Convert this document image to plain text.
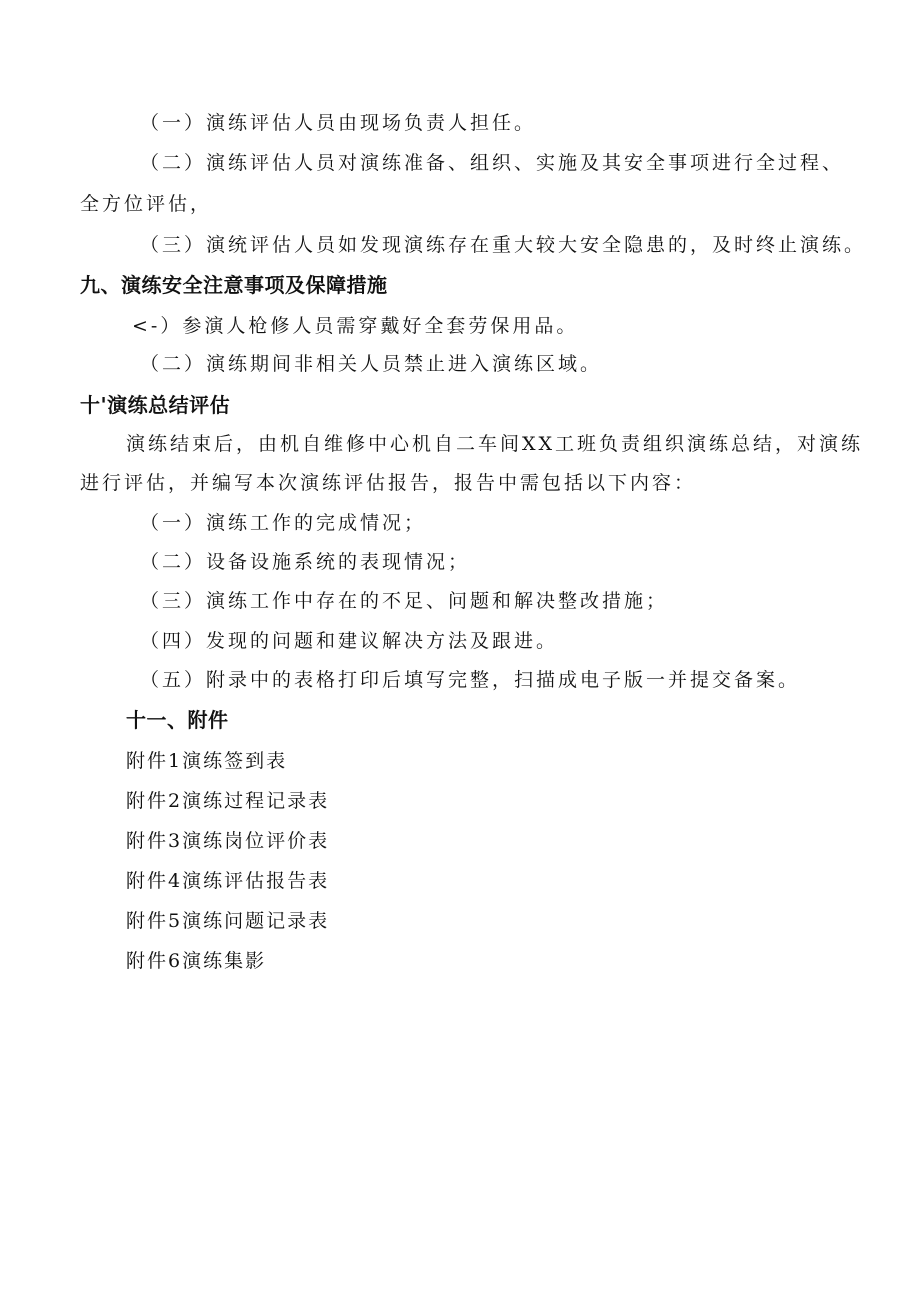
（一）演练评估人员由现场负责人担任。
（二）演练评估人员对演练准备、组织、实施及其安全事项进行全过程、
全方位评估，
（三）演统评估人员如发现演练存在重大较大安全隐患的，及时终止演练。
九、演练安全注意事项及保障措施
<-）参演人枪修人员需穿戴好全套劳保用品。
（二）演练期间非相关人员禁止进入演练区域。
十'演练总结评估
演练结束后，由机自维修中心机自二车间XX工班负责组织演练总结，对演练
进行评估，并编写本次演练评估报告，报告中需包括以下内容：
（一）演练工作的完成情况；
（二）设备设施系统的表现情况；
（三）演练工作中存在的不足、问题和解决整改措施；
（四）发现的问题和建议解决方法及跟进。
（五）附录中的表格打印后填写完整，扫描成电子版一并提交备案。
十一、附件
附件1演练签到表
附件2演练过程记录表
附件3演练岗位评价表
附件4演练评估报告表
附件5演练问题记录表
附件6演练集影
